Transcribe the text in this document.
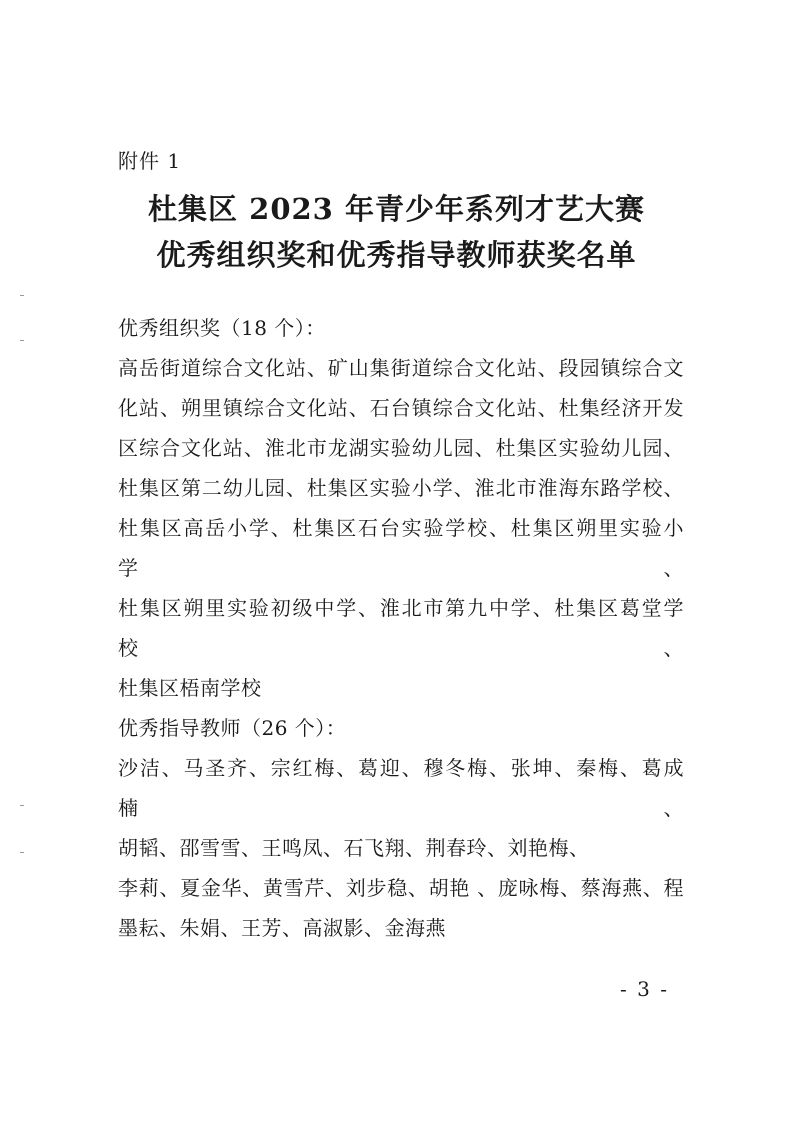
附件 1
杜集区 2023 年青少年系列才艺大赛
优秀组织奖和优秀指导教师获奖名单
优秀组织奖（18 个）：
高岳街道综合文化站、矿山集街道综合文化站、段园镇综合文
化站、朔里镇综合文化站、石台镇综合文化站、杜集经济开发
区综合文化站、淮北市龙湖实验幼儿园、杜集区实验幼儿园、
杜集区第二幼儿园、杜集区实验小学、淮北市淮海东路学校、
杜集区高岳小学、杜集区石台实验学校、杜集区朔里实验小学、
杜集区朔里实验初级中学、淮北市第九中学、杜集区葛堂学校、
杜集区梧南学校
优秀指导教师（26 个）：
沙洁、马圣齐、宗红梅、葛迎、穆冬梅、张坤、秦梅、葛成楠、
胡韬、邵雪雪、王鸣凤、石飞翔、荆春玲、刘艳梅、
李莉、夏金华、黄雪芹、刘步稳、胡艳 、庞咏梅、蔡海燕、程
墨耘、朱娟、王芳、高淑影、金海燕
- 3 -
